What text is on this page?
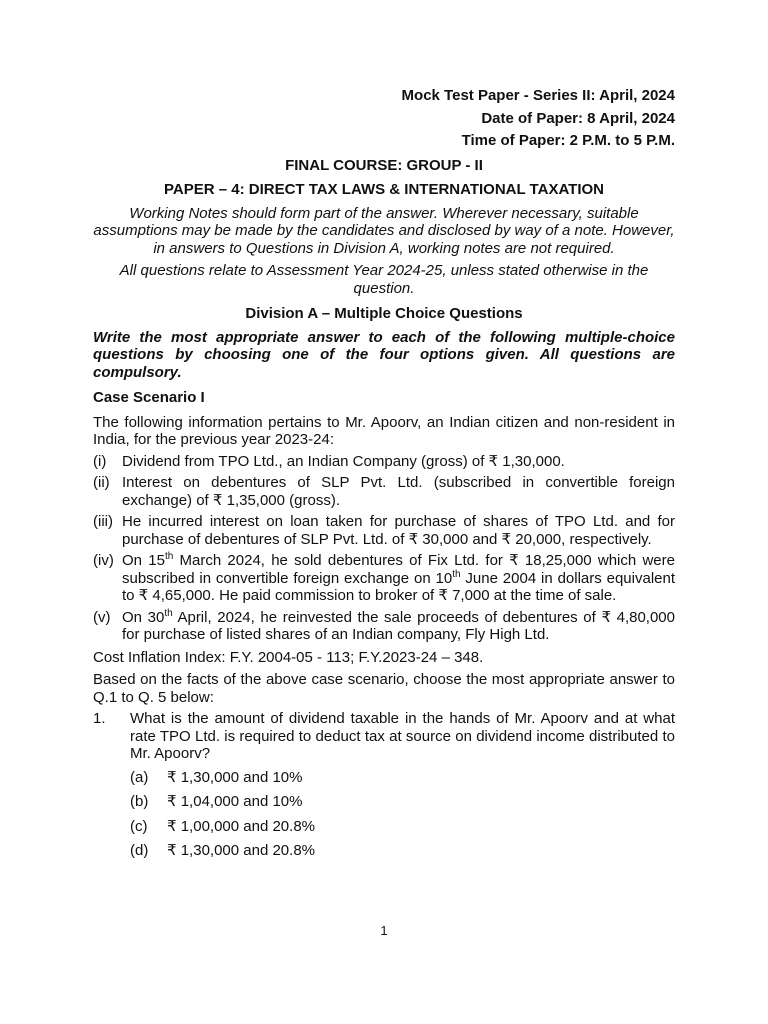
Mock Test Paper - Series II: April, 2024

Date of Paper: 8 April, 2024

Time of Paper: 2 P.M. to 5 P.M.

FINAL COURSE: GROUP - II

PAPER – 4: DIRECT TAX LAWS & INTERNATIONAL TAXATION

Working Notes should form part of the answer. Wherever necessary, suitable assumptions may be made by the candidates and disclosed by way of a note. However, in answers to Questions in Division A, working notes are not required.

All questions relate to Assessment Year 2024-25, unless stated otherwise in the question.

Division A – Multiple Choice Questions

Write the most appropriate answer to each of the following multiple-choice questions by choosing one of the four options given. All questions are compulsory.

Case Scenario I

The following information pertains to Mr. Apoorv, an Indian citizen and non-resident in India, for the previous year 2023-24:

(i)	Dividend from TPO Ltd., an Indian Company (gross) of ₹ 1,30,000.
(ii) Interest on debentures of SLP Pvt. Ltd. (subscribed in convertible foreign exchange) of ₹ 1,35,000 (gross).
(iii) He incurred interest on loan taken for purchase of shares of TPO Ltd. and for purchase of debentures of SLP Pvt. Ltd. of ₹ 30,000 and ₹ 20,000, respectively.
(iv) On 15th March 2024, he sold debentures of Fix Ltd. for ₹ 18,25,000 which were subscribed in convertible foreign exchange on 10th June 2004 in dollars equivalent to ₹ 4,65,000. He paid commission to broker of ₹ 7,000 at the time of sale.
(v) On 30th April, 2024, he reinvested the sale proceeds of debentures of ₹ 4,80,000 for purchase of listed shares of an Indian company, Fly High Ltd.

Cost Inflation Index: F.Y. 2004-05 - 113; F.Y.2023-24 – 348.

Based on the facts of the above case scenario, choose the most appropriate answer to Q.1 to Q. 5 below:

1.	What is the amount of dividend taxable in the hands of Mr. Apoorv and at what rate TPO Ltd. is required to deduct tax at source on dividend income distributed to Mr. Apoorv?
(a)	₹ 1,30,000 and 10%
(b)	₹ 1,04,000 and 10%
(c)	₹ 1,00,000 and 20.8%
(d)	₹ 1,30,000 and 20.8%
1
